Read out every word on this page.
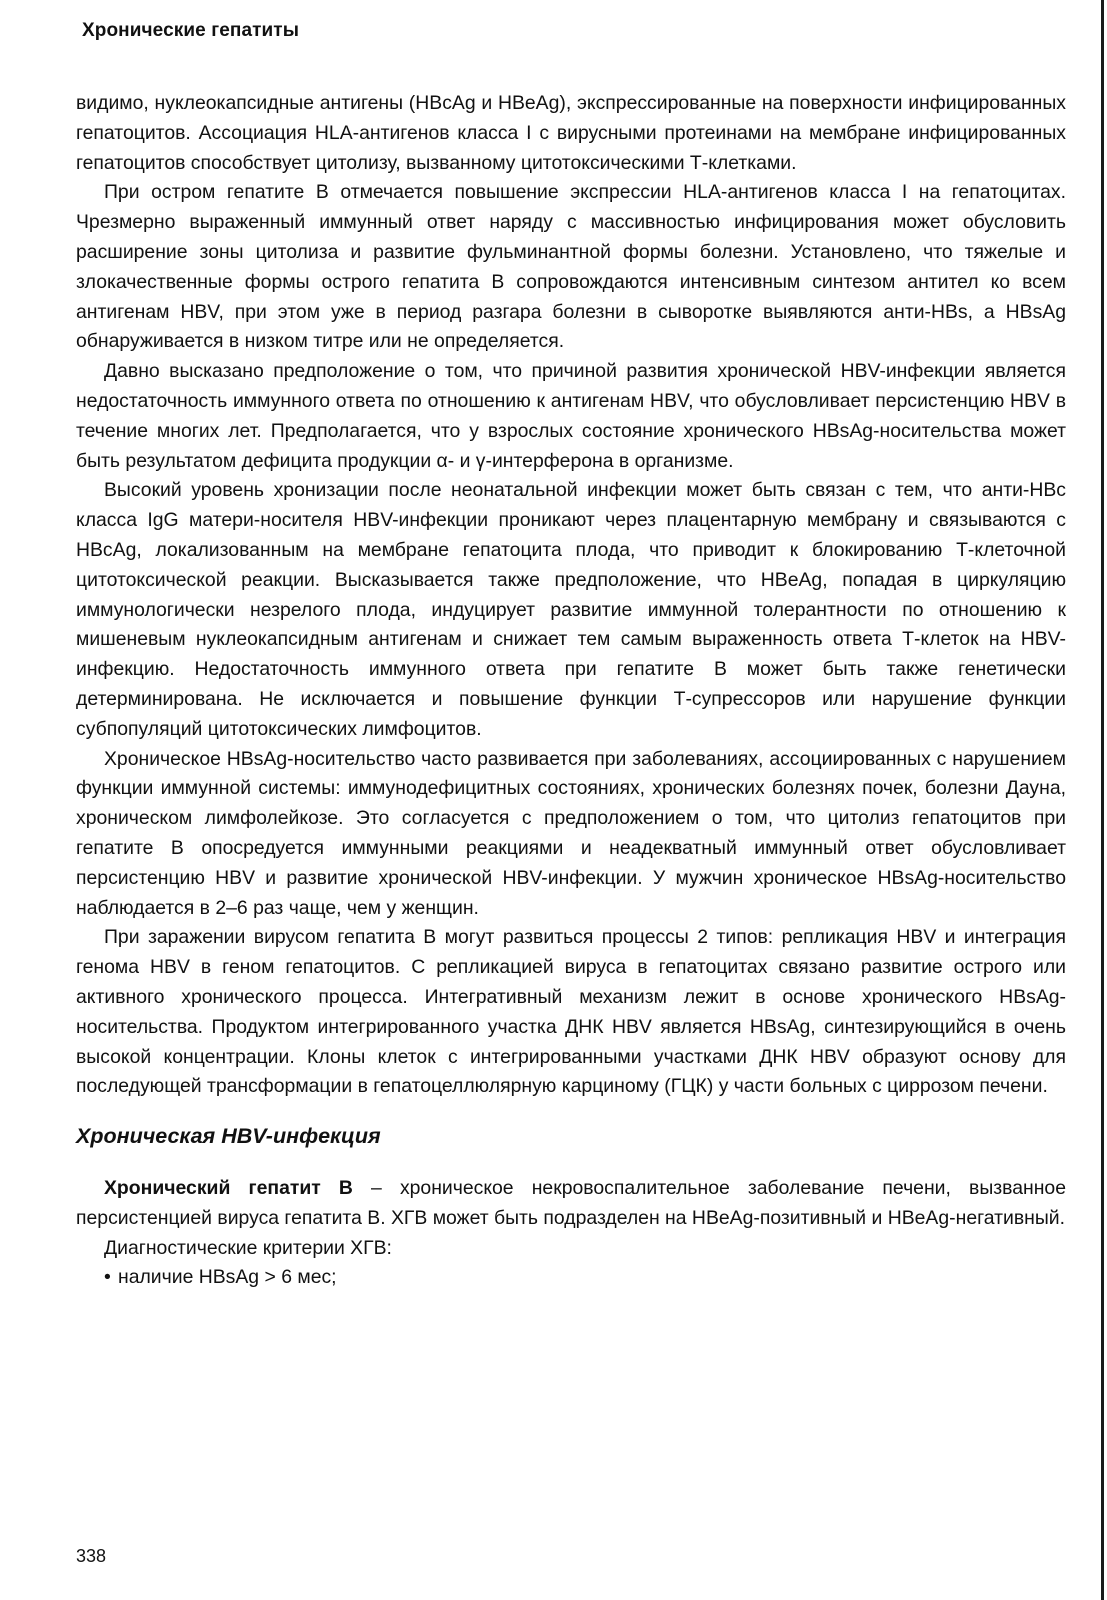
Хронические гепатиты

видимо, нуклеокапсидные антигены (HBcAg и HBeAg), экспрессированные на поверхности инфицированных гепатоцитов. Ассоциация HLA-антигенов класса I с вирусными протеинами на мембране инфицированных гепатоцитов способствует цитолизу, вызванному цитотоксическими Т-клетками.

При остром гепатите В отмечается повышение экспрессии HLA-антигенов класса I на гепатоцитах. Чрезмерно выраженный иммунный ответ наряду с массивностью инфицирования может обусловить расширение зоны цитолиза и развитие фульминантной формы болезни. Установлено, что тяжелые и злокачественные формы острого гепатита В сопровождаются интенсивным синтезом антител ко всем антигенам HBV, при этом уже в период разгара болезни в сыворотке выявляются анти-HBs, а HBsAg обнаруживается в низком титре или не определяется.

Давно высказано предположение о том, что причиной развития хронической HBV-инфекции является недостаточность иммунного ответа по отношению к антигенам HBV, что обусловливает персистенцию HBV в течение многих лет. Предполагается, что у взрослых состояние хронического HBsAg-носительства может быть результатом дефицита продукции α- и γ-интерферона в организме.

Высокий уровень хронизации после неонатальной инфекции может быть связан с тем, что анти-HBc класса IgG матери-носителя HBV-инфекции проникают через плацентарную мембрану и связываются с HBcAg, локализованным на мембране гепатоцита плода, что приводит к блокированию Т-клеточной цитотоксической реакции. Высказывается также предположение, что HBeAg, попадая в циркуляцию иммунологически незрелого плода, индуцирует развитие иммунной толерантности по отношению к мишеневым нуклеокапсидным антигенам и снижает тем самым выраженность ответа Т-клеток на HBV-инфекцию. Недостаточность иммунного ответа при гепатите В может быть также генетически детерминирована. Не исключается и повышение функции Т-супрессоров или нарушение функции субпопуляций цитотоксических лимфоцитов.

Хроническое HBsAg-носительство часто развивается при заболеваниях, ассоциированных с нарушением функции иммунной системы: иммунодефицитных состояниях, хронических болезнях почек, болезни Дауна, хроническом лимфолейкозе. Это согласуется с предположением о том, что цитолиз гепатоцитов при гепатите В опосредуется иммунными реакциями и неадекватный иммунный ответ обусловливает персистенцию HBV и развитие хронической HBV-инфекции. У мужчин хроническое HBsAg-носительство наблюдается в 2–6 раз чаще, чем у женщин.

При заражении вирусом гепатита В могут развиться процессы 2 типов: репликация HBV и интеграция генома HBV в геном гепатоцитов. С репликацией вируса в гепатоцитах связано развитие острого или активного хронического процесса. Интегративный механизм лежит в основе хронического HBsAg-носительства. Продуктом интегрированного участка ДНК HBV является HBsAg, синтезирующийся в очень высокой концентрации. Клоны клеток с интегрированными участками ДНК HBV образуют основу для последующей трансформации в гепатоцеллюлярную карциному (ГЦК) у части больных с циррозом печени.

Хроническая HBV-инфекция

Хронический гепатит В – хроническое некровоспалительное заболевание печени, вызванное персистенцией вируса гепатита В. ХГВ может быть подразделен на HBeAg-позитивный и HBeAg-негативный.

Диагностические критерии ХГВ:

• наличие HBsAg > 6 мес;
338
